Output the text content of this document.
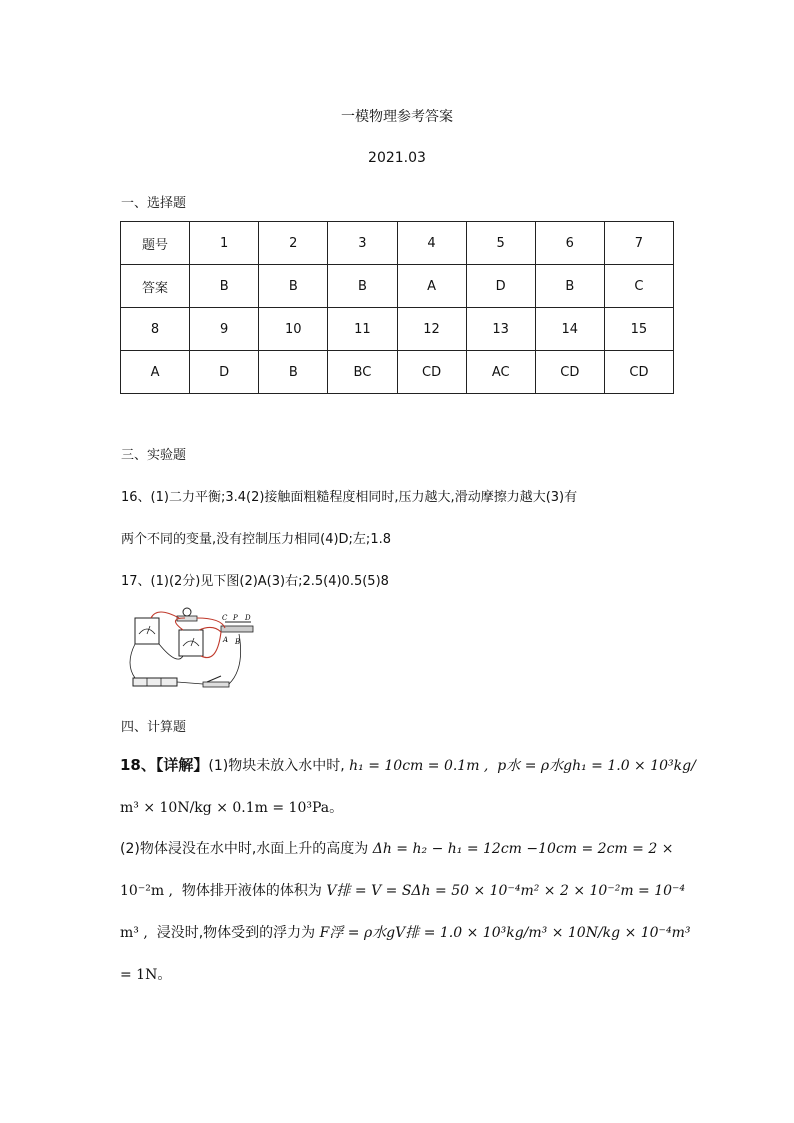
一模物理参考答案
2021.03
一、选择题
题号	1	2	3	4	5	6	7
答案	B	B	B	A	D	B	C
8	9	10	11	12	13	14	15
A	D	B	BC	CD	AC	CD	CD
三、实验题
16、(1)二力平衡;3.4(2)接触面粗糙程度相同时,压力越大,滑动摩擦力越大(3)有
两个不同的变量,没有控制压力相同(4)D;左;1.8
17、(1)(2分)见下图(2)A(3)右;2.5(4)0.5(5)8
C P D
A B
四、计算题
18、【详解】(1)物块未放入水中时, h₁ = 10cm = 0.1m , p水 = ρ水gh₁ = 1.0 × 10³kg/
m³ × 10N/kg × 0.1m = 10³Pa。
(2)物体浸没在水中时,水面上升的高度为 Δh = h₂ − h₁ = 12cm −10cm = 2cm = 2 ×
10⁻²m , 物体排开液体的体积为 V排 = V = SΔh = 50 × 10⁻⁴m² × 2 × 10⁻²m = 10⁻⁴
m³ , 浸没时,物体受到的浮力为 F浮 = ρ水gV排 = 1.0 × 10³kg/m³ × 10N/kg × 10⁻⁴m³
= 1N。
